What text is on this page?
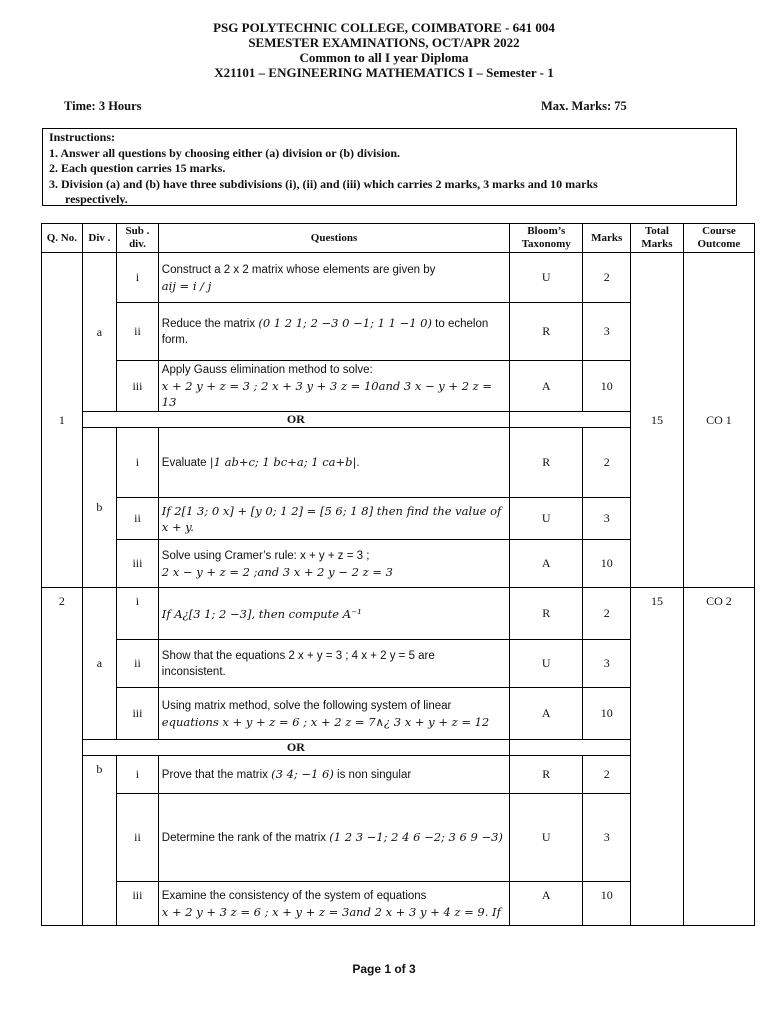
PSG POLYTECHNIC COLLEGE, COIMBATORE - 641 004
SEMESTER EXAMINATIONS, OCT/APR 2022
Common to all I year Diploma
X21101 – ENGINEERING MATHEMATICS I – Semester - 1
Time: 3 Hours	Max. Marks: 75
Instructions:
1. Answer all questions by choosing either (a) division or (b) division.
2. Each question carries 15 marks.
3. Division (a) and (b) have three subdivisions (i), (ii) and (iii) which carries 2 marks, 3 marks and 10 marks
respectively.
Q. No.	Div .	Sub . div.	Questions	Bloom’s Taxonomy	Marks	Total Marks	Course Outcome
1	a	i	Construct a 2 x 2 matrix whose elements are given by
aij = i / j	U	2	15	CO 1
		ii	Reduce the matrix (0 1 2 1; 2 −3 0 −1; 1 1 −1 0) to echelon form.	R	3		
		iii	Apply Gauss elimination method to solve:
x + 2 y + z = 3 ; 2 x + 3 y + 3 z = 10and 3 x − y + 2 z = 13	A	10		
	OR						
	b	i	Evaluate |1 ab+c; 1 bc+a; 1 ca+b|.	R	2		
		ii	If 2[1 3; 0 x] + [y 0; 1 2] = [5 6; 1 8] then find the value of x + y.	U	3		
		iii	Solve using Cramer’s rule: x + y + z = 3 ;
2 x − y + z = 2 ;and 3 x + 2 y − 2 z = 3	A	10		
2	a	i	If A¿[3 1; 2 −3], then compute A⁻¹	R	2	15	CO 2
		ii	Show that the equations 2 x + y = 3 ; 4 x + 2 y = 5 are
inconsistent.	U	3		
		iii	Using matrix method, solve the following system of linear
equations x + y + z = 6 ; x + 2 z = 7∧¿ 3 x + y + z = 12	A	10		
	OR						
	b	i	Prove that the matrix (3 4; −1 6) is non singular	R	2		
		ii	Determine the rank of the matrix (1 2 3 −1; 2 4 6 −2; 3 6 9 −3)	U	3		
		iii	Examine the consistency of the system of equations
x + 2 y + 3 z = 6 ; x + y + z = 3and 2 x + 3 y + 4 z = 9. If	A	10		
Page 1 of 3
